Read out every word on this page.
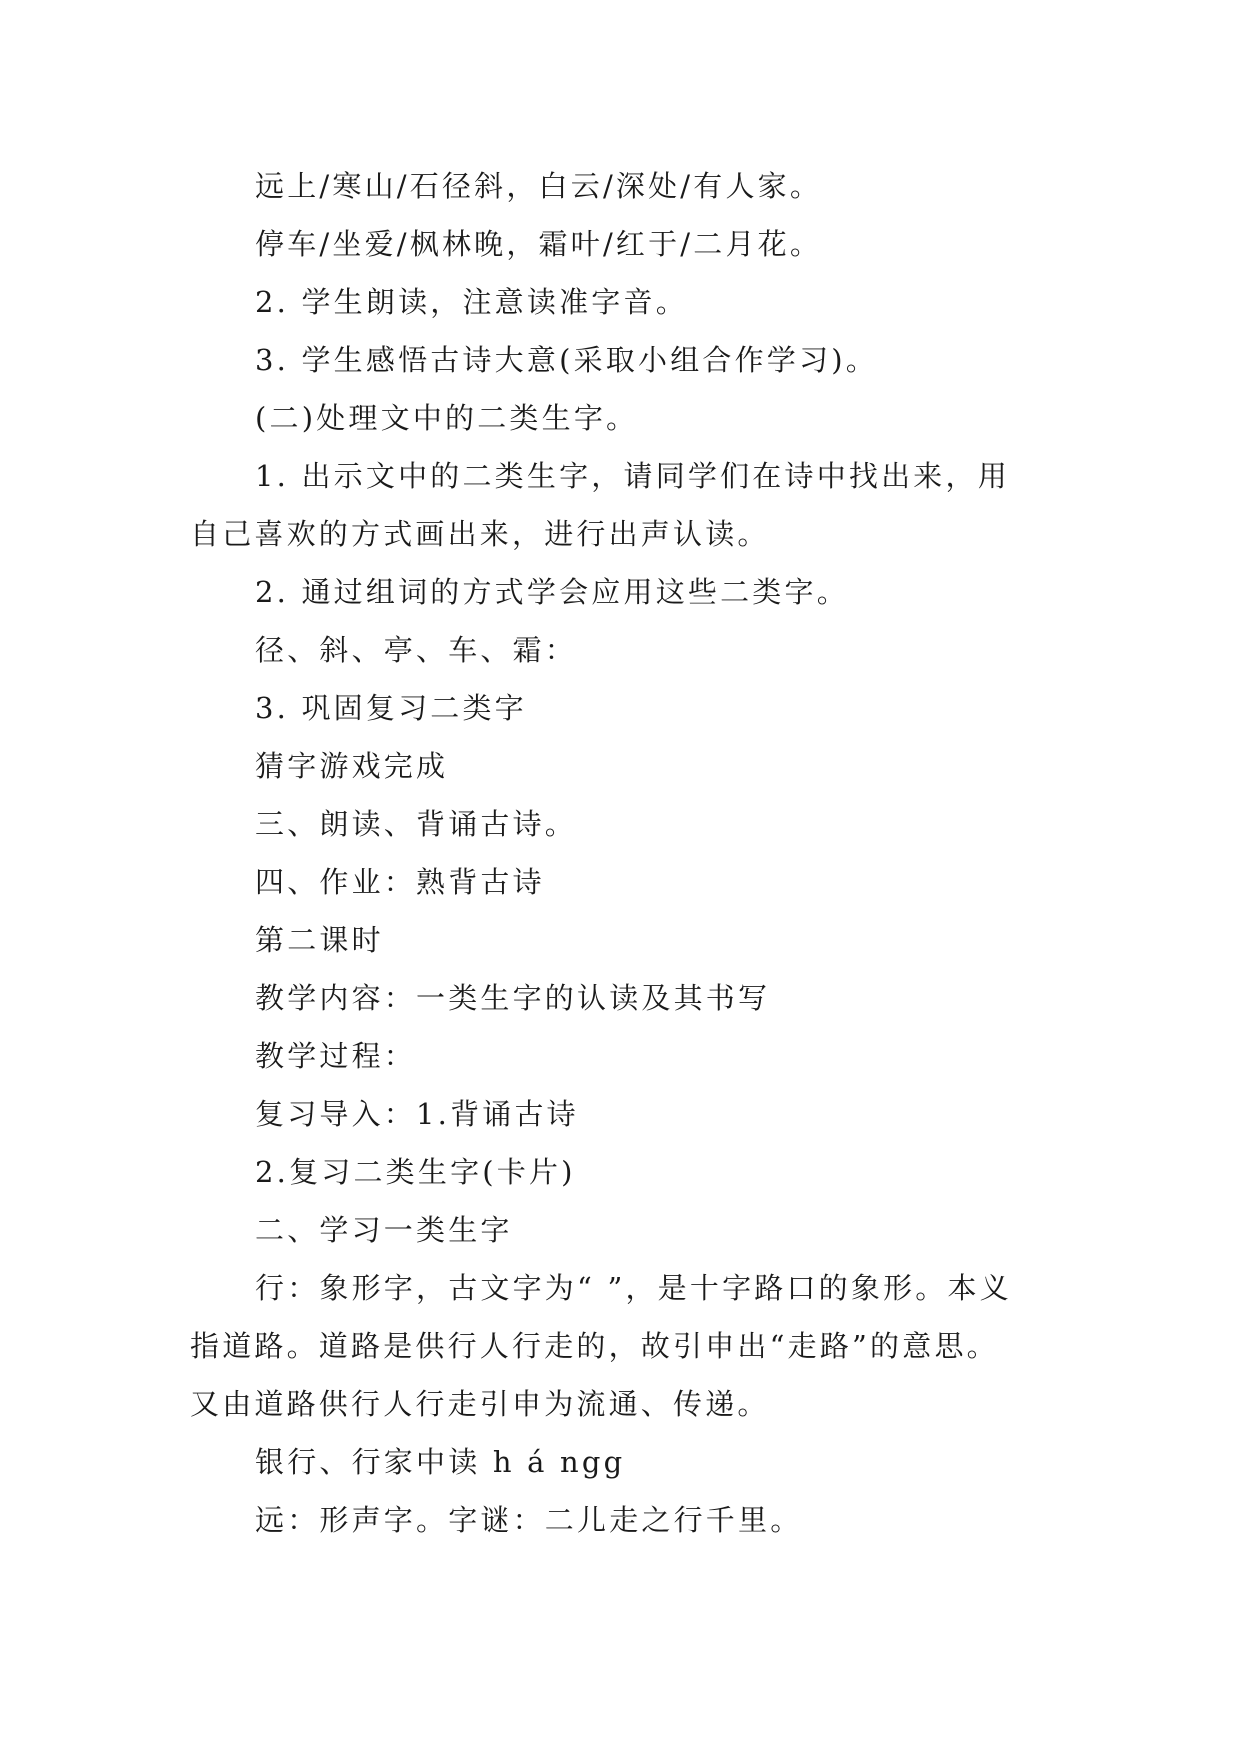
远上/寒山/石径斜，白云/深处/有人家。
停车/坐爱/枫林晚，霜叶/红于/二月花。
2. 学生朗读，注意读准字音。
3. 学生感悟古诗大意(采取小组合作学习)。
(二)处理文中的二类生字。
1. 出示文中的二类生字，请同学们在诗中找出来，用
自己喜欢的方式画出来，进行出声认读。
2. 通过组词的方式学会应用这些二类字。
径、斜、亭、车、霜：
3. 巩固复习二类字
猜字游戏完成
三、朗读、背诵古诗。
四、作业：熟背古诗
第二课时
教学内容：一类生字的认读及其书写
教学过程：
复习导入：1.背诵古诗
2.复习二类生字(卡片)
二、学习一类生字
行：象形字，古文字为“ ”，是十字路口的象形。本义
指道路。道路是供行人行走的，故引申出“走路”的意思。
又由道路供行人行走引申为流通、传递。
银行、行家中读 h á ngg
远：形声字。字谜：二儿走之行千里。
